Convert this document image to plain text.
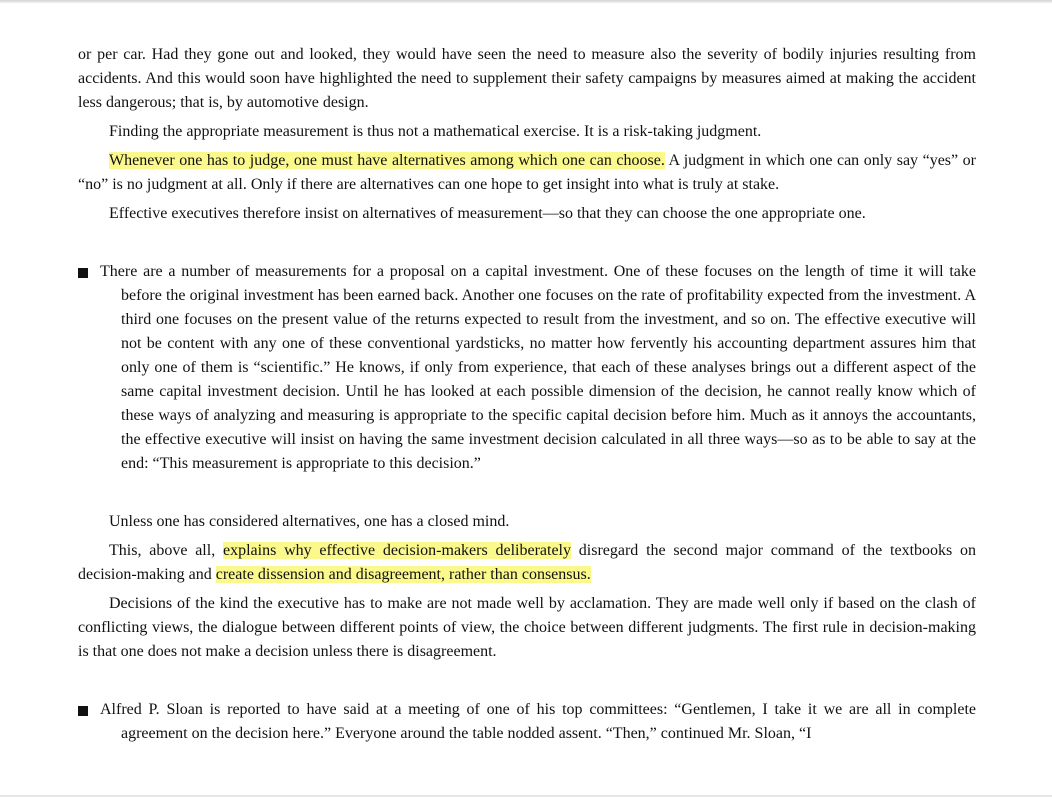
or per car. Had they gone out and looked, they would have seen the need to measure also the severity of bodily injuries resulting from accidents. And this would soon have highlighted the need to supplement their safety campaigns by measures aimed at making the accident less dangerous; that is, by automotive design.

Finding the appropriate measurement is thus not a mathematical exercise. It is a risk-taking judgment.

Whenever one has to judge, one must have alternatives among which one can choose. A judgment in which one can only say “yes” or “no” is no judgment at all. Only if there are alternatives can one hope to get insight into what is truly at stake.

Effective executives therefore insist on alternatives of measurement—so that they can choose the one appropriate one.

There are a number of measurements for a proposal on a capital investment. One of these focuses on the length of time it will take before the original investment has been earned back. Another one focuses on the rate of profitability expected from the investment. A third one focuses on the present value of the returns expected to result from the investment, and so on. The effective executive will not be content with any one of these conventional yardsticks, no matter how fervently his accounting department assures him that only one of them is “scientific.” He knows, if only from experience, that each of these analyses brings out a different aspect of the same capital investment decision. Until he has looked at each possible dimension of the decision, he cannot really know which of these ways of analyzing and measuring is appropriate to the specific capital decision before him. Much as it annoys the accountants, the effective executive will insist on having the same investment decision calculated in all three ways—so as to be able to say at the end: “This measurement is appropriate to this decision.”

Unless one has considered alternatives, one has a closed mind.

This, above all, explains why effective decision-makers deliberately disregard the second major command of the textbooks on decision-making and create dissension and disagreement, rather than consensus.

Decisions of the kind the executive has to make are not made well by acclamation. They are made well only if based on the clash of conflicting views, the dialogue between different points of view, the choice between different judgments. The first rule in decision-making is that one does not make a decision unless there is disagreement.

Alfred P. Sloan is reported to have said at a meeting of one of his top committees: “Gentlemen, I take it we are all in complete agreement on the decision here.” Everyone around the table nodded assent. “Then,” continued Mr. Sloan, “I
